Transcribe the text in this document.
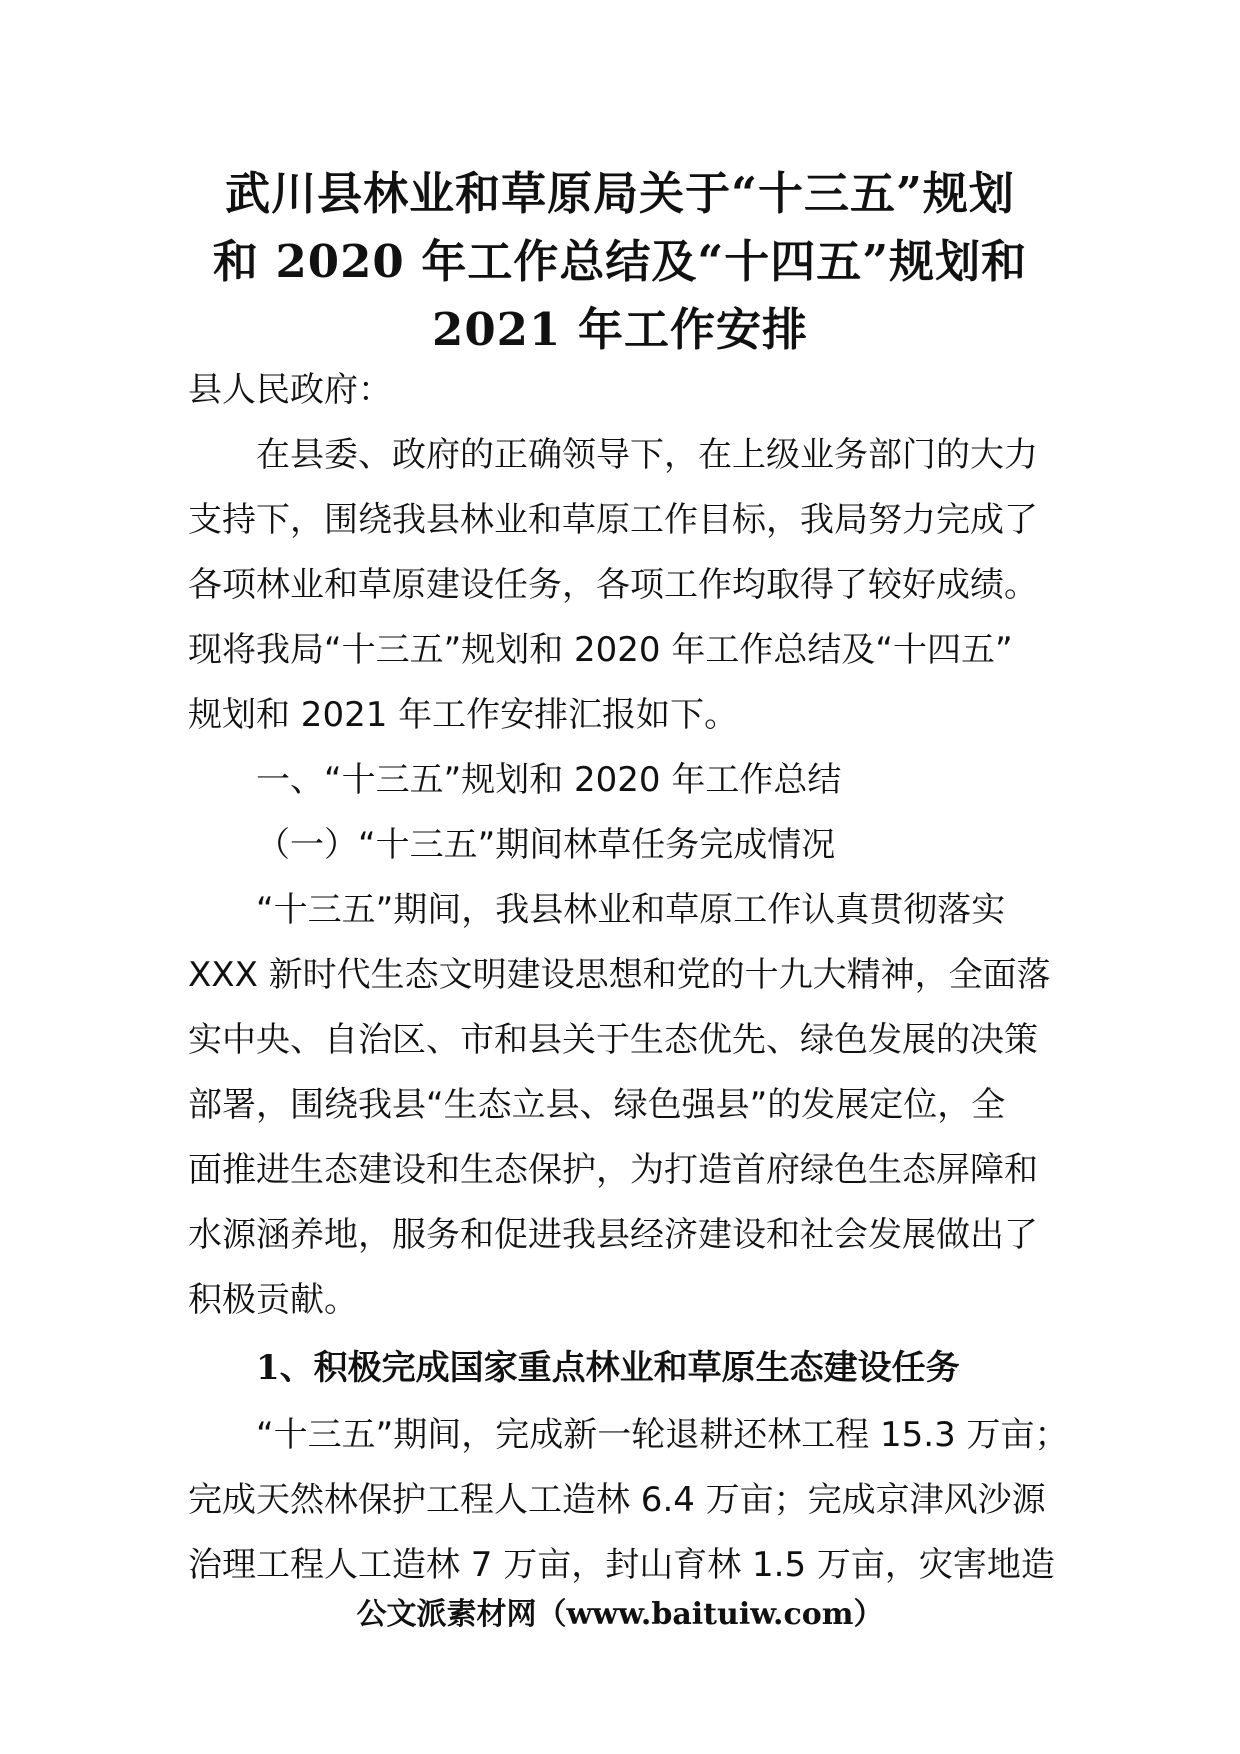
武川县林业和草原局关于“十三五”规划
和 2020 年工作总结及“十四五”规划和
2021 年工作安排
县人民政府：
在县委、政府的正确领导下，在上级业务部门的大力
支持下，围绕我县林业和草原工作目标，我局努力完成了
各项林业和草原建设任务，各项工作均取得了较好成绩。
现将我局“十三五”规划和 2020 年工作总结及“十四五”
规划和 2021 年工作安排汇报如下。
一、“十三五”规划和 2020 年工作总结
（一）“十三五”期间林草任务完成情况
“十三五”期间，我县林业和草原工作认真贯彻落实
XXX 新时代生态文明建设思想和党的十九大精神，全面落
实中央、自治区、市和县关于生态优先、绿色发展的决策
部署，围绕我县“生态立县、绿色强县”的发展定位，全
面推进生态建设和生态保护，为打造首府绿色生态屏障和
水源涵养地，服务和促进我县经济建设和社会发展做出了
积极贡献。
1、积极完成国家重点林业和草原生态建设任务
“十三五”期间，完成新一轮退耕还林工程 15.3 万亩；
完成天然林保护工程人工造林 6.4 万亩；完成京津风沙源
治理工程人工造林 7 万亩，封山育林 1.5 万亩，灾害地造
公文派素材网（www.baituiw.com）
